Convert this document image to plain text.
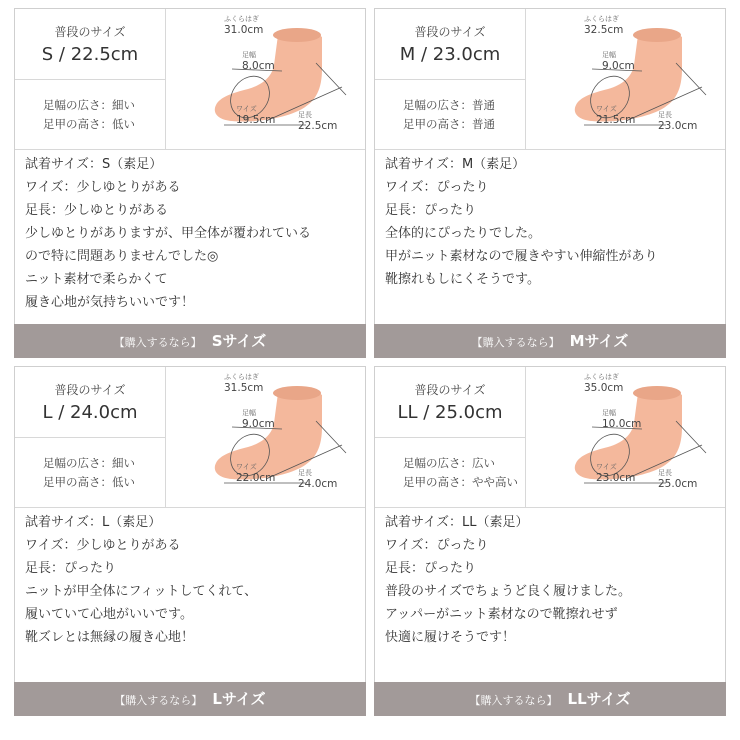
普段のサイズ
S / 22.5cm
足幅の広さ：細い
足甲の高さ：低い
ふくらはぎ
31.0cm
足幅
8.0cm
ワイズ
19.5cm	足長
22.5cm
試着サイズ：S（素足）
ワイズ：少しゆとりがある
足長：少しゆとりがある
少しゆとりがありますが、甲全体が覆われている
ので特に問題ありませんでした◎
ニット素材で柔らかくて
履き心地が気持ちいいです！
【購入するなら】 Sサイズ
普段のサイズ
M / 23.0cm
足幅の広さ：普通
足甲の高さ：普通
ふくらはぎ
32.5cm
足幅
9.0cm
ワイズ
21.5cm	足長
23.0cm
試着サイズ：M（素足）
ワイズ：ぴったり
足長：ぴったり
全体的にぴったりでした。
甲がニット素材なので履きやすい伸縮性があり
靴擦れもしにくそうです。
【購入するなら】 Mサイズ
普段のサイズ
L / 24.0cm
足幅の広さ：細い
足甲の高さ：低い
ふくらはぎ
31.5cm
足幅
9.0cm
ワイズ
22.0cm	足長
24.0cm
試着サイズ：L（素足）
ワイズ：少しゆとりがある
足長：ぴったり
ニットが甲全体にフィットしてくれて、
履いていて心地がいいです。
靴ズレとは無縁の履き心地！
【購入するなら】 Lサイズ
普段のサイズ
LL / 25.0cm
足幅の広さ：広い
足甲の高さ：やや高い
ふくらはぎ
35.0cm
足幅
10.0cm
ワイズ
23.0cm	足長
25.0cm
試着サイズ：LL（素足）
ワイズ：ぴったり
足長：ぴったり
普段のサイズでちょうど良く履けました。
アッパーがニット素材なので靴擦れせず
快適に履けそうです！
【購入するなら】 LLサイズ
